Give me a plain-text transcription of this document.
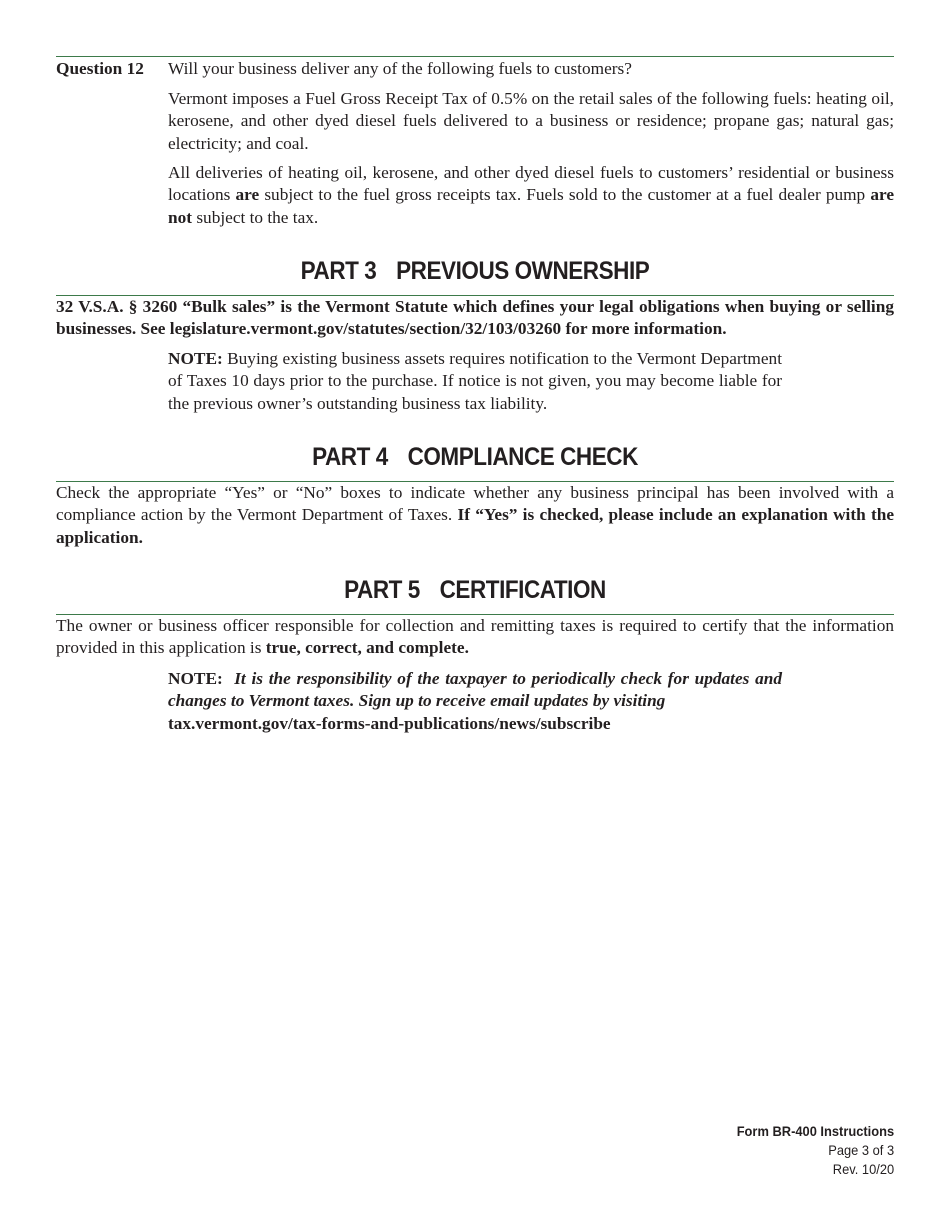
Question 12 Will your business deliver any of the following fuels to customers?

Vermont imposes a Fuel Gross Receipt Tax of 0.5% on the retail sales of the following fuels: heating oil, kerosene, and other dyed diesel fuels delivered to a business or residence; propane gas; natural gas; electricity; and coal.

All deliveries of heating oil, kerosene, and other dyed diesel fuels to customers’ residential or business locations are subject to the fuel gross receipts tax. Fuels sold to the customer at a fuel dealer pump are not subject to the tax.

PART 3 PREVIOUS OWNERSHIP

32 V.S.A. § 3260 “Bulk sales” is the Vermont Statute which defines your legal obligations when buying or selling businesses. See legislature.vermont.gov/statutes/section/32/103/03260 for more information.

NOTE: Buying existing business assets requires notification to the Vermont Department of Taxes 10 days prior to the purchase. If notice is not given, you may become liable for the previous owner’s outstanding business tax liability.

PART 4 COMPLIANCE CHECK

Check the appropriate “Yes” or “No” boxes to indicate whether any business principal has been involved with a compliance action by the Vermont Department of Taxes. If “Yes” is checked, please include an explanation with the application.

PART 5 CERTIFICATION

The owner or business officer responsible for collection and remitting taxes is required to certify that the information provided in this application is true, correct, and complete.

NOTE: It is the responsibility of the taxpayer to periodically check for updates and changes to Vermont taxes. Sign up to receive email updates by visiting
tax.vermont.gov/tax-forms-and-publications/news/subscribe

Form BR-400 Instructions
Page 3 of 3
Rev. 10/20
